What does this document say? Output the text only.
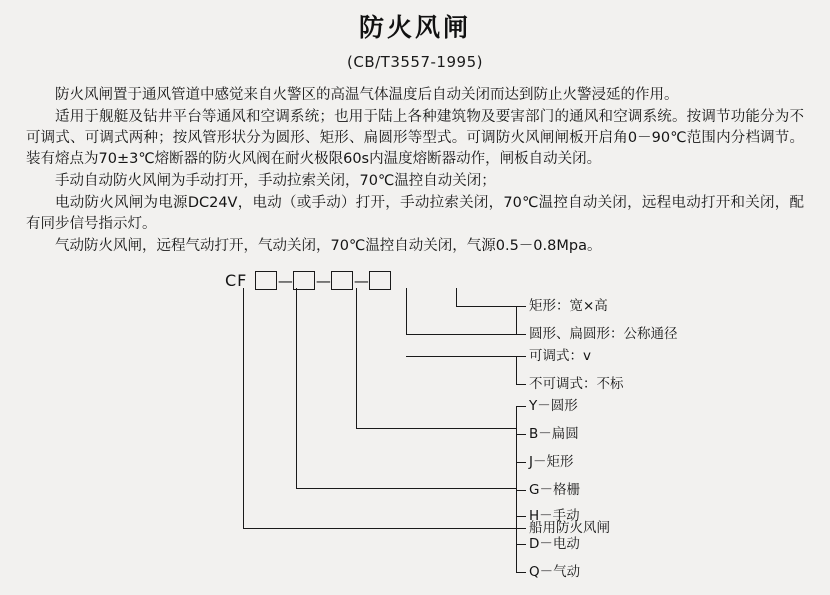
防火风闸
(CB/T3557-1995)

防火风闸置于通风管道中感觉来自火警区的高温气体温度后自动关闭而达到防止火警浸延的作用。

适用于舰艇及钻井平台等通风和空调系统；也用于陆上各种建筑物及要害部门的通风和空调系统。按调节功能分为不可调式、可调式两种；按风管形状分为圆形、矩形、扁圆形等型式。可调防火风闸闸板开启角0－90℃范围内分档调节。装有熔点为70±3℃熔断器的防火风阀在耐火极限60s内温度熔断器动作，闸板自动关闭。

手动自动防火风闸为手动打开，手动拉索关闭，70℃温控自动关闭；

电动防火风闸为电源DC24V，电动（或手动）打开，手动拉索关闭，70℃温控自动关闭，远程电动打开和关闭，配有同步信号指示灯。

气动防火风闸，远程气动打开，气动关闭，70℃温控自动关闭，气源0.5－0.8Mpa。

CF — — —
矩形：宽×高
圆形、扁圆形：公称通径
可调式：v
不可调式：不标
Y－圆形
B－扁圆
J－矩形
G－格栅
H－手动
D－电动
Q－气动
船用防火风闸
